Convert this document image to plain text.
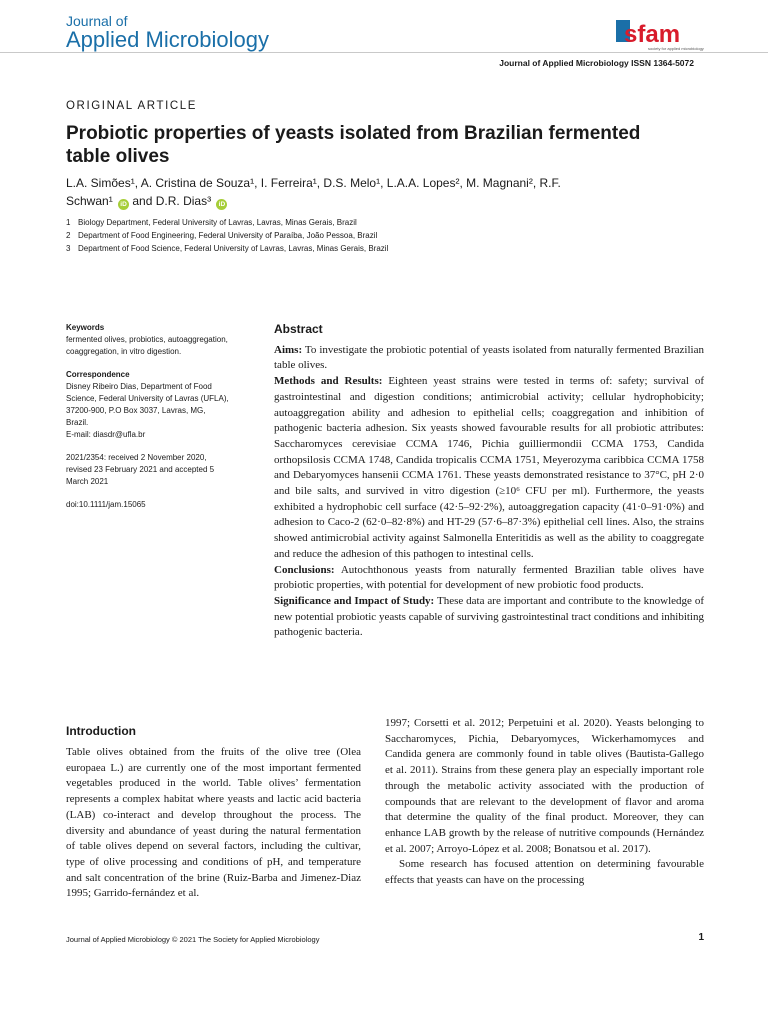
Journal of
Applied Microbiology	sfam
society for applied microbiology
Journal of Applied Microbiology ISSN 1364-5072
ORIGINAL ARTICLE
Probiotic properties of yeasts isolated from Brazilian fermented table olives
L.A. Simões¹, A. Cristina de Souza¹, I. Ferreira¹, D.S. Melo¹, L.A.A. Lopes², M. Magnani², R.F.
Schwan¹ iD and D.R. Dias³ iD
1 Biology Department, Federal University of Lavras, Lavras, Minas Gerais, Brazil
2 Department of Food Engineering, Federal University of Paraíba, João Pessoa, Brazil
3 Department of Food Science, Federal University of Lavras, Lavras, Minas Gerais, Brazil
Keywords
fermented olives, probiotics, autoaggregation, coaggregation, in vitro digestion.
Correspondence
Disney Ribeiro Dias, Department of Food
Science, Federal University of Lavras (UFLA),
37200-900, P.O Box 3037, Lavras, MG,
Brazil.
E-mail: diasdr@ufla.br
2021/2354: received 2 November 2020,
revised 23 February 2021 and accepted 5
March 2021
doi:10.1111/jam.15065
Abstract

Aims: To investigate the probiotic potential of yeasts isolated from naturally fermented Brazilian table olives.

Methods and Results: Eighteen yeast strains were tested in terms of: safety; survival of gastrointestinal and digestion conditions; antimicrobial activity; cellular hydrophobicity; autoaggregation ability and adhesion to epithelial cells; coaggregation and inhibition of pathogenic bacteria adhesion. Six yeasts showed favourable results for all probiotic attributes: Saccharomyces cerevisiae CCMA 1746, Pichia guilliermondii CCMA 1753, Candida orthopsilosis CCMA 1748, Candida tropicalis CCMA 1751, Meyerozyma caribbica CCMA 1758 and Debaryomyces hansenii CCMA 1761. These yeasts demonstrated resistance to 37°C, pH 2·0 and bile salts, and survived in vitro digestion (≥10⁶ CFU per ml). Furthermore, the yeasts exhibited a hydrophobic cell surface (42·5–92·2%), autoaggregation capacity (41·0–91·0%) and adhesion to Caco-2 (62·0–82·8%) and HT-29 (57·6–87·3%) epithelial cell lines. Also, the strains showed antimicrobial activity against Salmonella Enteritidis as well as the ability to coaggregate and reduce the adhesion of this pathogen to intestinal cells.

Conclusions: Autochthonous yeasts from naturally fermented Brazilian table olives have probiotic properties, with potential for development of new probiotic food products.

Significance and Impact of Study: These data are important and contribute to the knowledge of new potential probiotic yeasts capable of surviving gastrointestinal tract conditions and inhibiting pathogenic bacteria.

Introduction

Table olives obtained from the fruits of the olive tree (Olea europaea L.) are currently one of the most important fermented vegetables produced in the world. Table olives’ fermentation represents a complex habitat where yeasts and lactic acid bacteria (LAB) co-interact and develop throughout the process. The diversity and abundance of yeast during the natural fermentation of table olives depend on several factors, including the cultivar, type of olive processing and conditions of pH, and temperature and salt concentration of the brine (Ruiz-Barba and Jimenez-Diaz 1995; Garrido-fernández et al.

1997; Corsetti et al. 2012; Perpetuini et al. 2020). Yeasts belonging to Saccharomyces, Pichia, Debaryomyces, Wickerhamomyces and Candida genera are commonly found in table olives (Bautista-Gallego et al. 2011). Strains from these genera play an especially important role through the metabolic activity associated with the production of compounds that are relevant to the development of flavor and aroma that determine the quality of the final product. Moreover, they can enhance LAB growth by the release of nutritive compounds (Hernández et al. 2007; Arroyo-López et al. 2008; Bonatsou et al. 2017).

Some research has focused attention on determining favourable effects that yeasts can have on the processing

Journal of Applied Microbiology © 2021 The Society for Applied Microbiology	1
